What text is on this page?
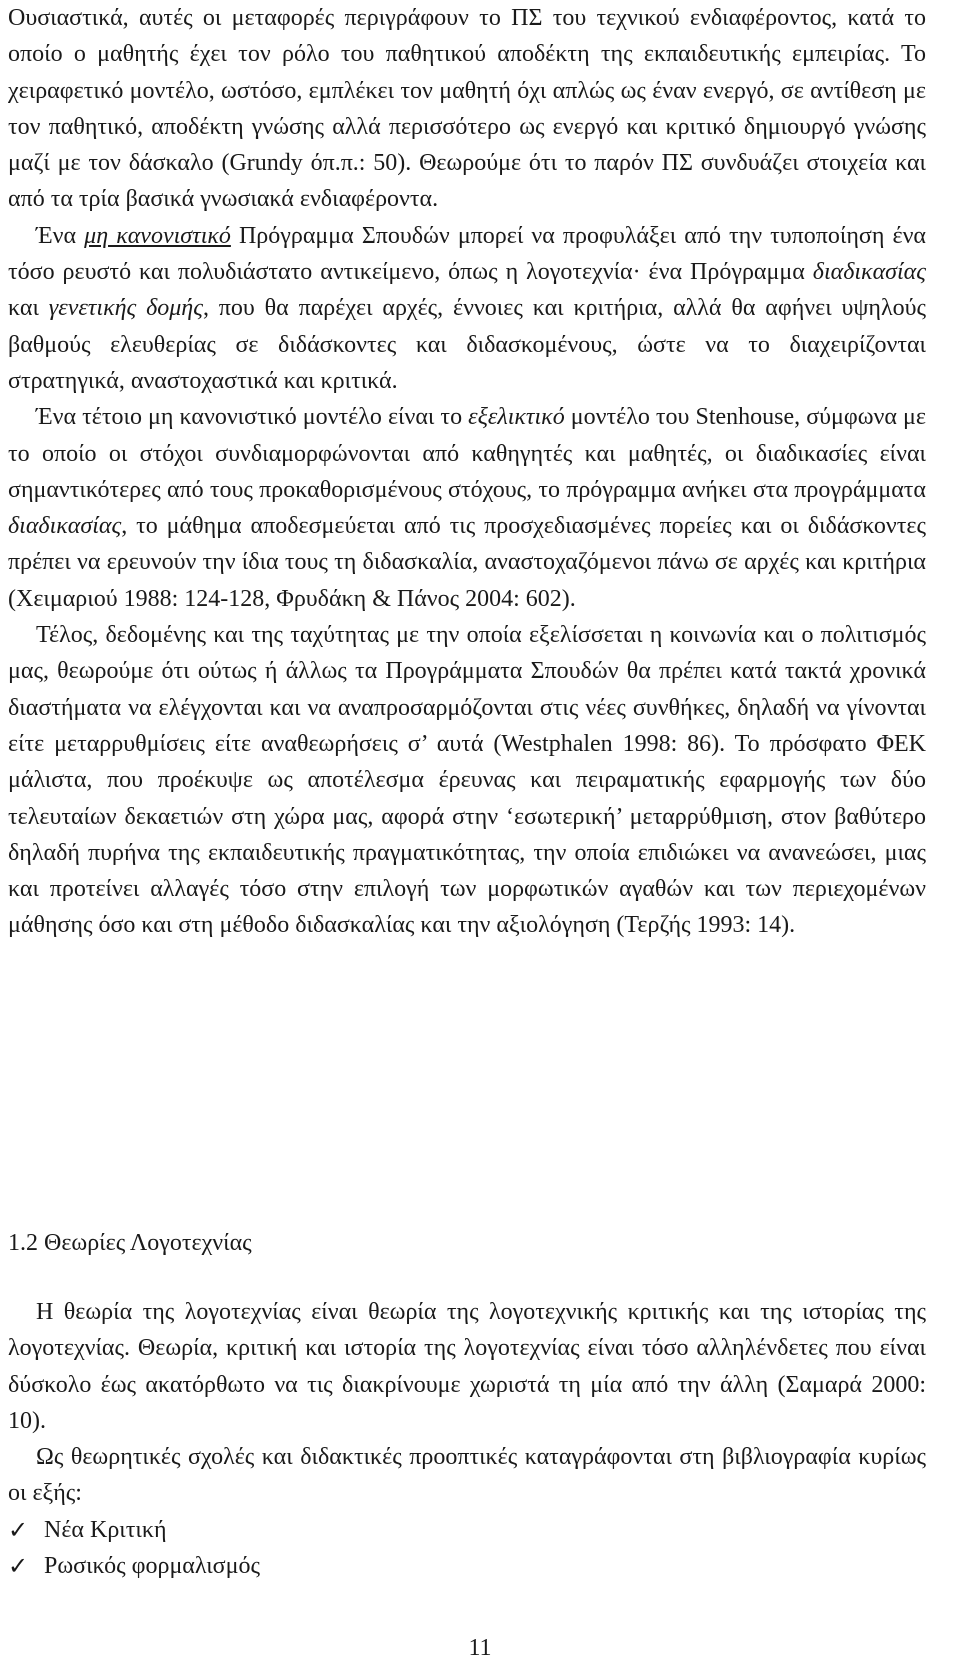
Ουσιαστικά, αυτές οι μεταφορές περιγράφουν το ΠΣ του τεχνικού ενδιαφέροντος, κατά το οποίο ο μαθητής έχει τον ρόλο του παθητικού αποδέκτη της εκπαιδευτικής εμπειρίας. Το χειραφετικό μοντέλο, ωστόσο, εμπλέκει τον μαθητή όχι απλώς ως έναν ενεργό, σε αντίθεση με τον παθητικό, αποδέκτη γνώσης αλλά περισσότερο ως ενεργό και κριτικό δημιουργό γνώσης μαζί με τον δάσκαλο (Grundy όπ.π.: 50). Θεωρούμε ότι το παρόν ΠΣ συνδυάζει στοιχεία και από τα τρία βασικά γνωσιακά ενδιαφέροντα.

Ένα μη κανονιστικό Πρόγραμμα Σπουδών μπορεί να προφυλάξει από την τυποποίηση ένα τόσο ρευστό και πολυδιάστατο αντικείμενο, όπως η λογοτεχνία· ένα Πρόγραμμα διαδικασίας και γενετικής δομής, που θα παρέχει αρχές, έννοιες και κριτήρια, αλλά θα αφήνει υψηλούς βαθμούς ελευθερίας σε διδάσκοντες και διδασκομένους, ώστε να το διαχειρίζονται στρατηγικά, αναστοχαστικά και κριτικά.

Ένα τέτοιο μη κανονιστικό μοντέλο είναι το εξελικτικό μοντέλο του Stenhouse, σύμφωνα με το οποίο οι στόχοι συνδιαμορφώνονται από καθηγητές και μαθητές, οι διαδικασίες είναι σημαντικότερες από τους προκαθορισμένους στόχους, το πρόγραμμα ανήκει στα προγράμματα διαδικασίας, το μάθημα αποδεσμεύεται από τις προσχεδιασμένες πορείες και οι διδάσκοντες πρέπει να ερευνούν την ίδια τους τη διδασκαλία, αναστοχαζόμενοι πάνω σε αρχές και κριτήρια (Χειμαριού 1988: 124-128, Φρυδάκη & Πάνος 2004: 602).

Τέλος, δεδομένης και της ταχύτητας με την οποία εξελίσσεται η κοινωνία και ο πολιτισμός μας, θεωρούμε ότι ούτως ή άλλως τα Προγράμματα Σπουδών θα πρέπει κατά τακτά χρονικά διαστήματα να ελέγχονται και να αναπροσαρμόζονται στις νέες συνθήκες, δηλαδή να γίνονται είτε μεταρρυθμίσεις είτε αναθεωρήσεις σ’ αυτά (Westphalen 1998: 86). Το πρόσφατο ΦΕΚ μάλιστα, που προέκυψε ως αποτέλεσμα έρευνας και πειραματικής εφαρμογής των δύο τελευταίων δεκαετιών στη χώρα μας, αφορά στην ‘εσωτερική’ μεταρρύθμιση, στον βαθύτερο δηλαδή πυρήνα της εκπαιδευτικής πραγματικότητας, την οποία επιδιώκει να ανανεώσει, μιας και προτείνει αλλαγές τόσο στην επιλογή των μορφωτικών αγαθών και των περιεχομένων μάθησης όσο και στη μέθοδο διδασκαλίας και την αξιολόγηση (Τερζής 1993: 14).

1.2 Θεωρίες Λογοτεχνίας

Η θεωρία της λογοτεχνίας είναι θεωρία της λογοτεχνικής κριτικής και της ιστορίας της λογοτεχνίας. Θεωρία, κριτική και ιστορία της λογοτεχνίας είναι τόσο αλληλένδετες που είναι δύσκολο έως ακατόρθωτο να τις διακρίνουμε χωριστά τη μία από την άλλη (Σαμαρά 2000: 10).

Ως θεωρητικές σχολές και διδακτικές προοπτικές καταγράφονται στη βιβλιογραφία κυρίως οι εξής:

✓ Νέα Κριτική
✓ Ρωσικός φορμαλισμός
11
